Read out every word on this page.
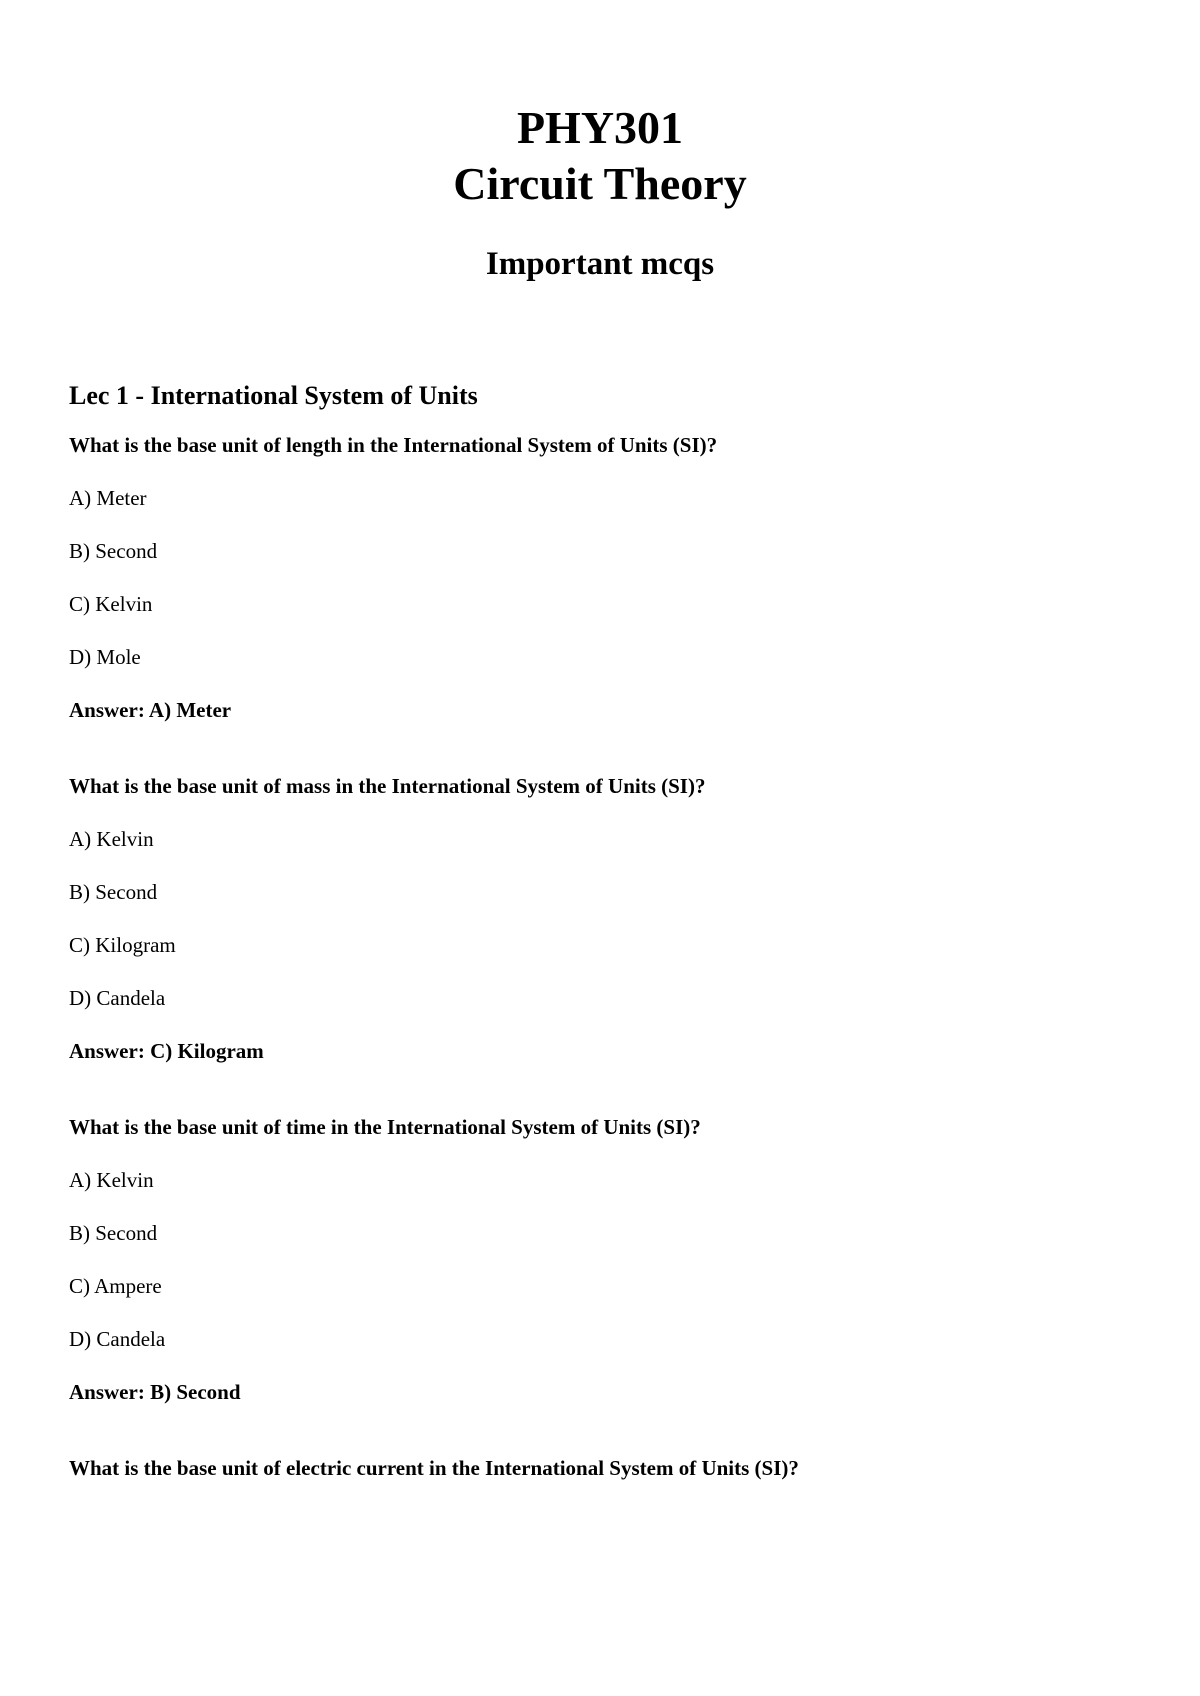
PHY301
Circuit Theory
Important mcqs
Lec 1 - International System of Units
What is the base unit of length in the International System of Units (SI)?
A) Meter
B) Second
C) Kelvin
D) Mole
Answer: A) Meter
What is the base unit of mass in the International System of Units (SI)?
A) Kelvin
B) Second
C) Kilogram
D) Candela
Answer: C) Kilogram
What is the base unit of time in the International System of Units (SI)?
A) Kelvin
B) Second
C) Ampere
D) Candela
Answer: B) Second
What is the base unit of electric current in the International System of Units (SI)?
